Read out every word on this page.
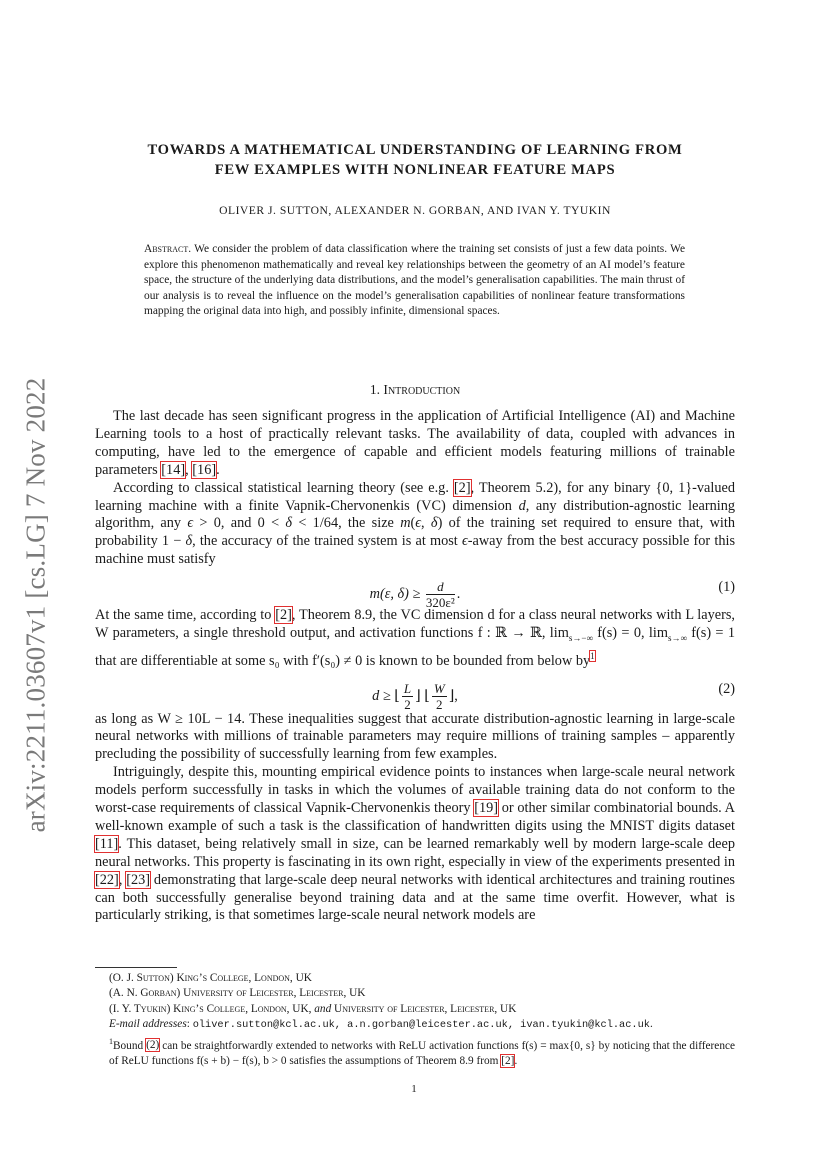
arXiv:2211.03607v1 [cs.LG] 7 Nov 2022
TOWARDS A MATHEMATICAL UNDERSTANDING OF LEARNING FROM
FEW EXAMPLES WITH NONLINEAR FEATURE MAPS
OLIVER J. SUTTON, ALEXANDER N. GORBAN, AND IVAN Y. TYUKIN
Abstract. We consider the problem of data classification where the training set consists of just a few data points. We explore this phenomenon mathematically and reveal key relationships between the geometry of an AI model’s feature space, the structure of the underlying data distributions, and the model’s generalisation capabilities. The main thrust of our analysis is to reveal the influence on the model’s generalisation capabilities of nonlinear feature transformations mapping the original data into high, and possibly infinite, dimensional spaces.
1. Introduction

The last decade has seen significant progress in the application of Artificial Intelligence (AI) and Machine Learning tools to a host of practically relevant tasks. The availability of data, coupled with advances in computing, have led to the emergence of capable and efficient models featuring millions of trainable parameters [14], [16].

According to classical statistical learning theory (see e.g. [2], Theorem 5.2), for any binary {0, 1}-valued learning machine with a finite Vapnik-Chervonenkis (VC) dimension d, any distribution-agnostic learning algorithm, any ϵ > 0, and 0 < δ < 1/64, the size m(ϵ, δ) of the training set required to ensure that, with probability 1 − δ, the accuracy of the trained system is at most ϵ-away from the best accuracy possible for this machine must satisfy

m(ε, $\delta) \ge \frac{d}{\text{320ε²}}$ .	(1)

At the same time, according to [2], Theorem 8.9, the VC dimension d for a class neural networks with L layers, W parameters, a single threshold output, and activation functions f : ℝ → ℝ, $\lim_{s\to-\infty} f(s) = 0$, $\lim_{s\to\infty} f(s) = 1$ that are differentiable at some s₀ with f′(s₀) ≠ 0 is known to be bounded from below by$^1$

d ≥ ⌊ $\frac{L}{2}$ ⌋ ⌊ $\frac{W}{2}$ ⌋,	(2)

as long as W ≥ 10L − 14. These inequalities suggest that accurate distribution-agnostic learning in large-scale neural networks with millions of trainable parameters may require millions of training samples – apparently precluding the possibility of successfully learning from few examples.

Intriguingly, despite this, mounting empirical evidence points to instances when large-scale neural network models perform successfully in tasks in which the volumes of available training data do not conform to the worst-case requirements of classical Vapnik-Chervonenkis theory [19] or other similar combinatorial bounds. A well-known example of such a task is the classification of handwritten digits using the MNIST digits dataset [11]. This dataset, being relatively small in size, can be learned remarkably well by modern large-scale deep neural networks. This property is fascinating in its own right, especially in view of the experiments presented in [22], [23] demonstrating that large-scale deep neural networks with identical architectures and training routines can both successfully generalise beyond training data and at the same time overfit. However, what is particularly striking, is that sometimes large-scale neural network models are

(O. J. Sutton) King’s College, London, UK
(A. N. Gorban) University of Leicester, Leicester, UK
(I. Y. Tyukin) King’s College, London, UK, and University of Leicester, Leicester, UK
E-mail addresses: oliver.sutton@kcl.ac.uk, a.n.gorban@leicester.ac.uk, ivan.tyukin@kcl.ac.uk.

$^1$Bound (2) can be straightforwardly extended to networks with ReLU activation functions f(s) = max{0, s} by noticing that the difference of ReLU functions f(s + b) − f(s), b > 0 satisfies the assumptions of Theorem 8.9 from [2].

1
